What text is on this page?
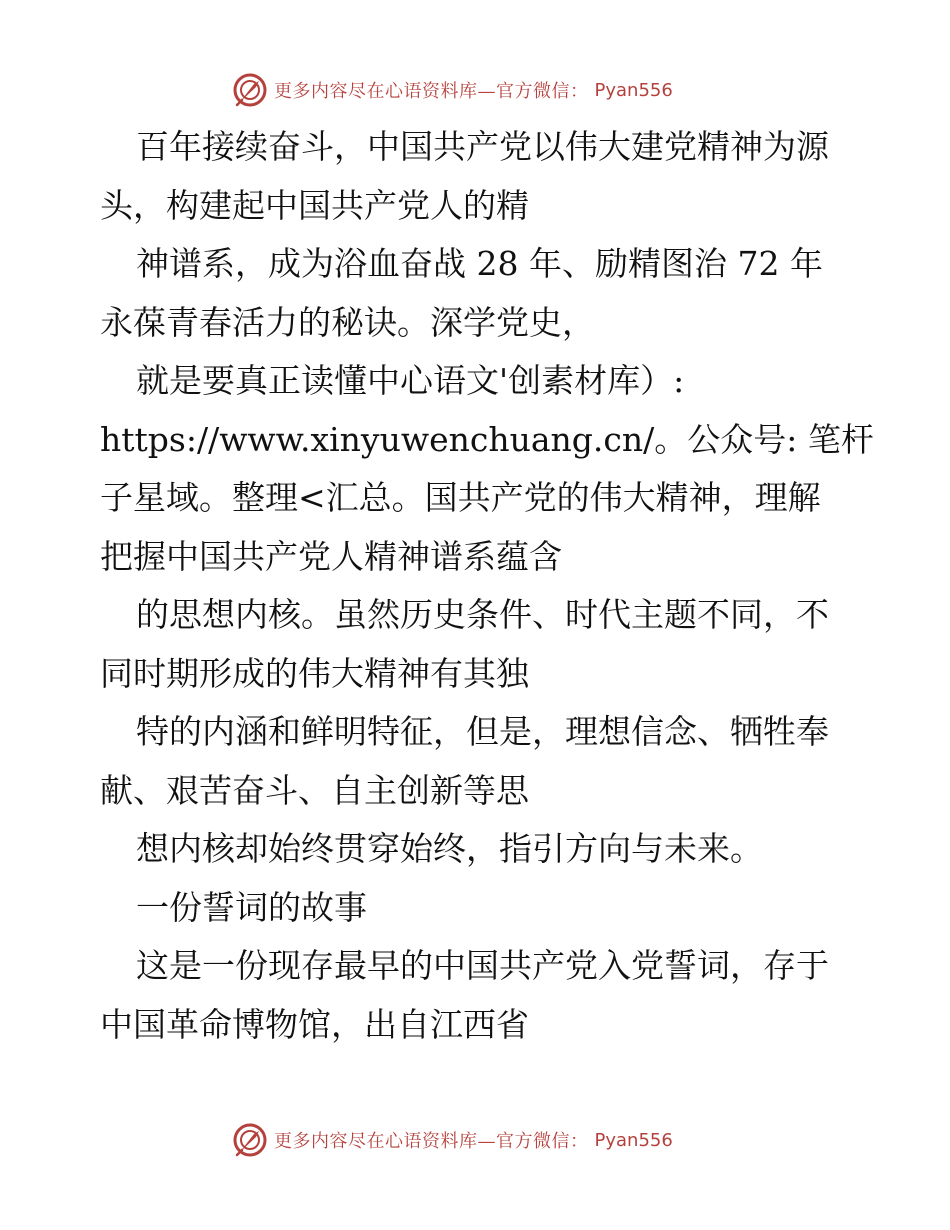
更多内容尽在心语资料库—官方微信： Pyan556
百年接续奋斗，中国共产党以伟大建党精神为源
头，构建起中国共产党人的精
神谱系，成为浴血奋战 28 年、励精图治 72 年
永葆青春活力的秘诀。深学党史，
就是要真正读懂中心语文'创素材库）:
https://www.xinyuwenchuang.cn/。公众号: 笔杆
子星域。整理<汇总。国共产党的伟大精神，理解
把握中国共产党人精神谱系蕴含
的思想内核。虽然历史条件、时代主题不同，不
同时期形成的伟大精神有其独
特的内涵和鲜明特征，但是，理想信念、牺牲奉
献、艰苦奋斗、自主创新等思
想内核却始终贯穿始终，指引方向与未来。
一份誓词的故事
这是一份现存最早的中国共产党入党誓词，存于
中国革命博物馆，出自江西省
更多内容尽在心语资料库—官方微信： Pyan556
